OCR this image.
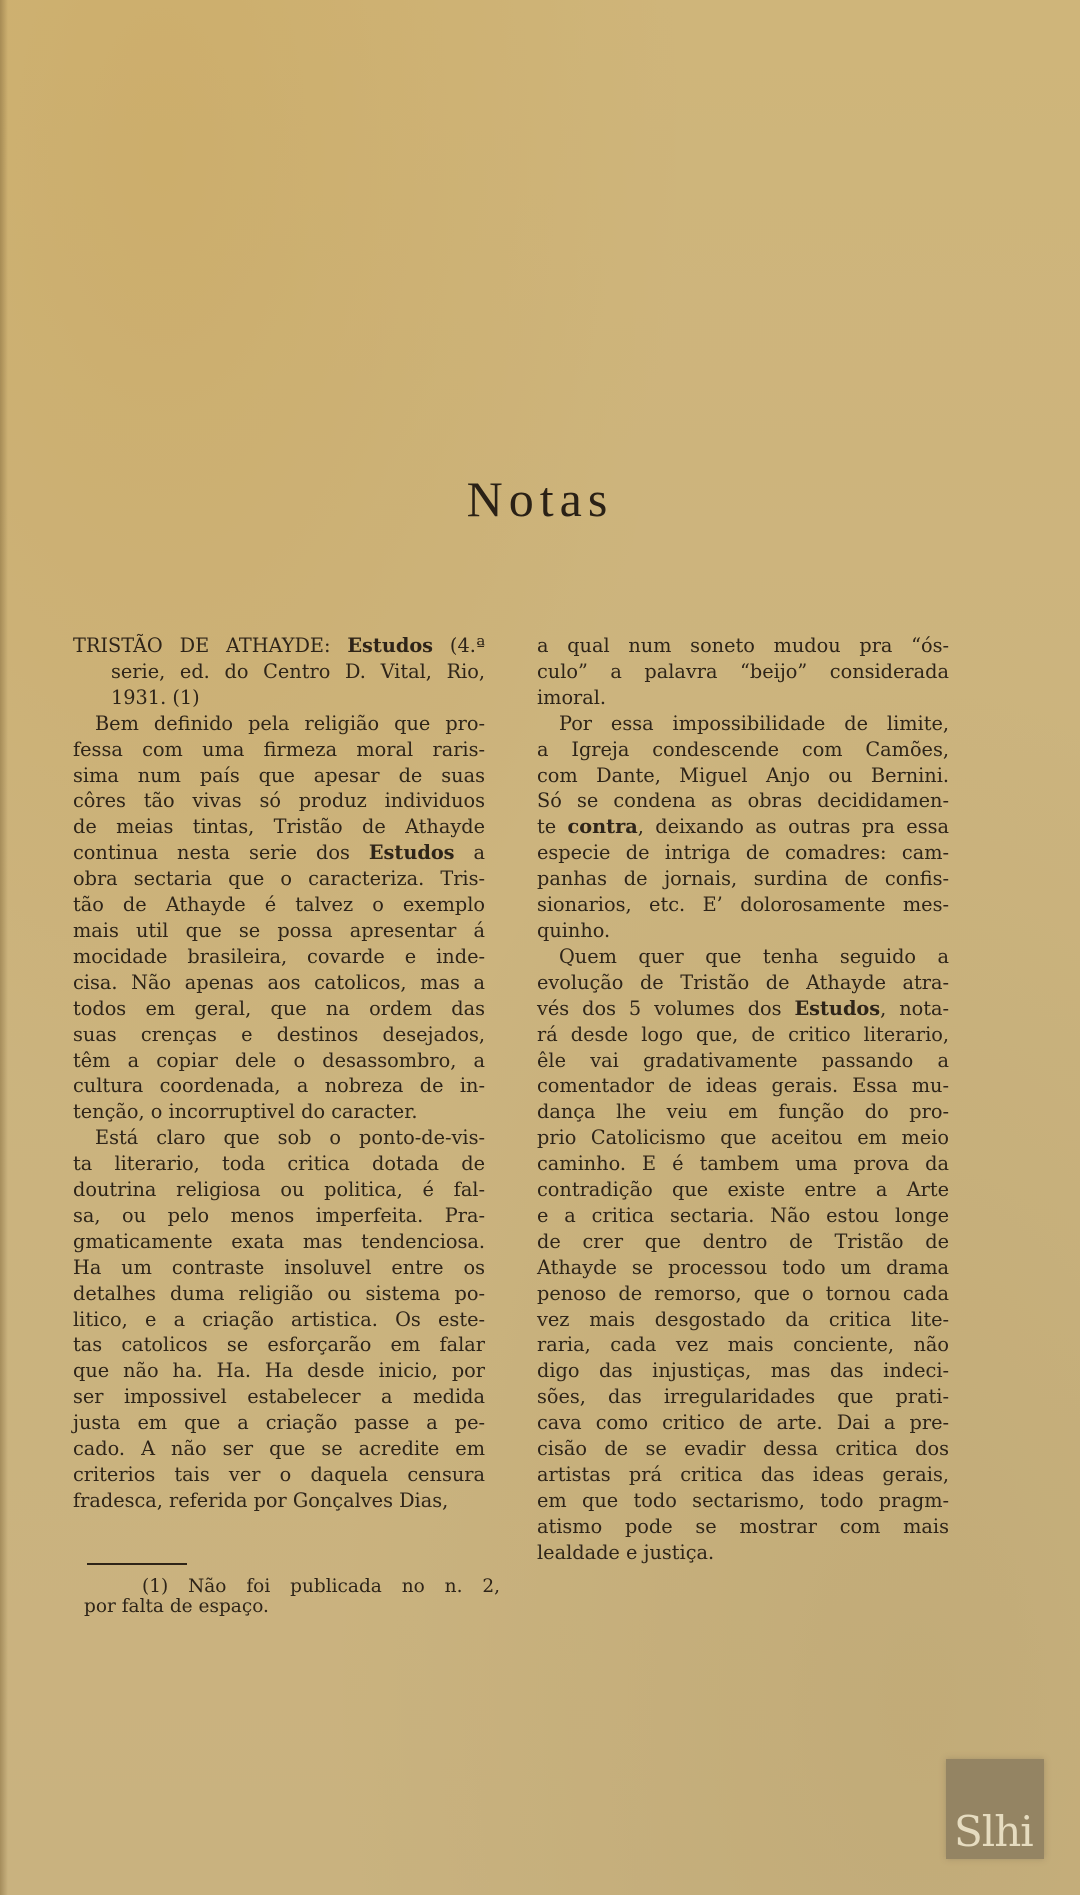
Notas
TRISTÃO DE ATHAYDE: Estudos (4.ª
serie, ed. do Centro D. Vital, Rio,
1931. (1)

Bem definido pela religião que pro-
fessa com uma firmeza moral raris-
sima num país que apesar de suas
côres tão vivas só produz individuos
de meias tintas, Tristão de Athayde
continua nesta serie dos Estudos a
obra sectaria que o caracteriza. Tris-
tão de Athayde é talvez o exemplo
mais util que se possa apresentar á
mocidade brasileira, covarde e inde-
cisa. Não apenas aos catolicos, mas a
todos em geral, que na ordem das
suas crenças e destinos desejados,
têm a copiar dele o desassombro, a
cultura coordenada, a nobreza de in-
tenção, o incorruptivel do caracter.

Está claro que sob o ponto-de-vis-
ta literario, toda critica dotada de
doutrina religiosa ou politica, é fal-
sa, ou pelo menos imperfeita. Pra-
gmaticamente exata mas tendenciosa.
Ha um contraste insoluvel entre os
detalhes duma religião ou sistema po-
litico, e a criação artistica. Os este-
tas catolicos se esforçarão em falar
que não ha. Ha. Ha desde inicio, por
ser impossivel estabelecer a medida
justa em que a criação passe a pe-
cado. A não ser que se acredite em
criterios tais ver o daquela censura
fradesca, referida por Gonçalves Dias,

(1) Não foi publicada no n. 2,
por falta de espaço.

a qual num soneto mudou pra “ós-
culo” a palavra “beijo” considerada
imoral.

Por essa impossibilidade de limite,
a Igreja condescende com Camões,
com Dante, Miguel Anjo ou Bernini.
Só se condena as obras decididamen-
te contra, deixando as outras pra essa
especie de intriga de comadres: cam-
panhas de jornais, surdina de confis-
sionarios, etc. E’ dolorosamente mes-
quinho.

Quem quer que tenha seguido a
evolução de Tristão de Athayde atra-
vés dos 5 volumes dos Estudos, nota-
rá desde logo que, de critico literario,
êle vai gradativamente passando a
comentador de ideas gerais. Essa mu-
dança lhe veiu em função do pro-
prio Catolicismo que aceitou em meio
caminho. E é tambem uma prova da
contradição que existe entre a Arte
e a critica sectaria. Não estou longe
de crer que dentro de Tristão de
Athayde se processou todo um drama
penoso de remorso, que o tornou cada
vez mais desgostado da critica lite-
raria, cada vez mais conciente, não
digo das injustiças, mas das indeci-
sões, das irregularidades que prati-
cava como critico de arte. Dai a pre-
cisão de se evadir dessa critica dos
artistas prá critica das ideas gerais,
em que todo sectarismo, todo pragm-
atismo pode se mostrar com mais
lealdade e justiça.

Slhi
